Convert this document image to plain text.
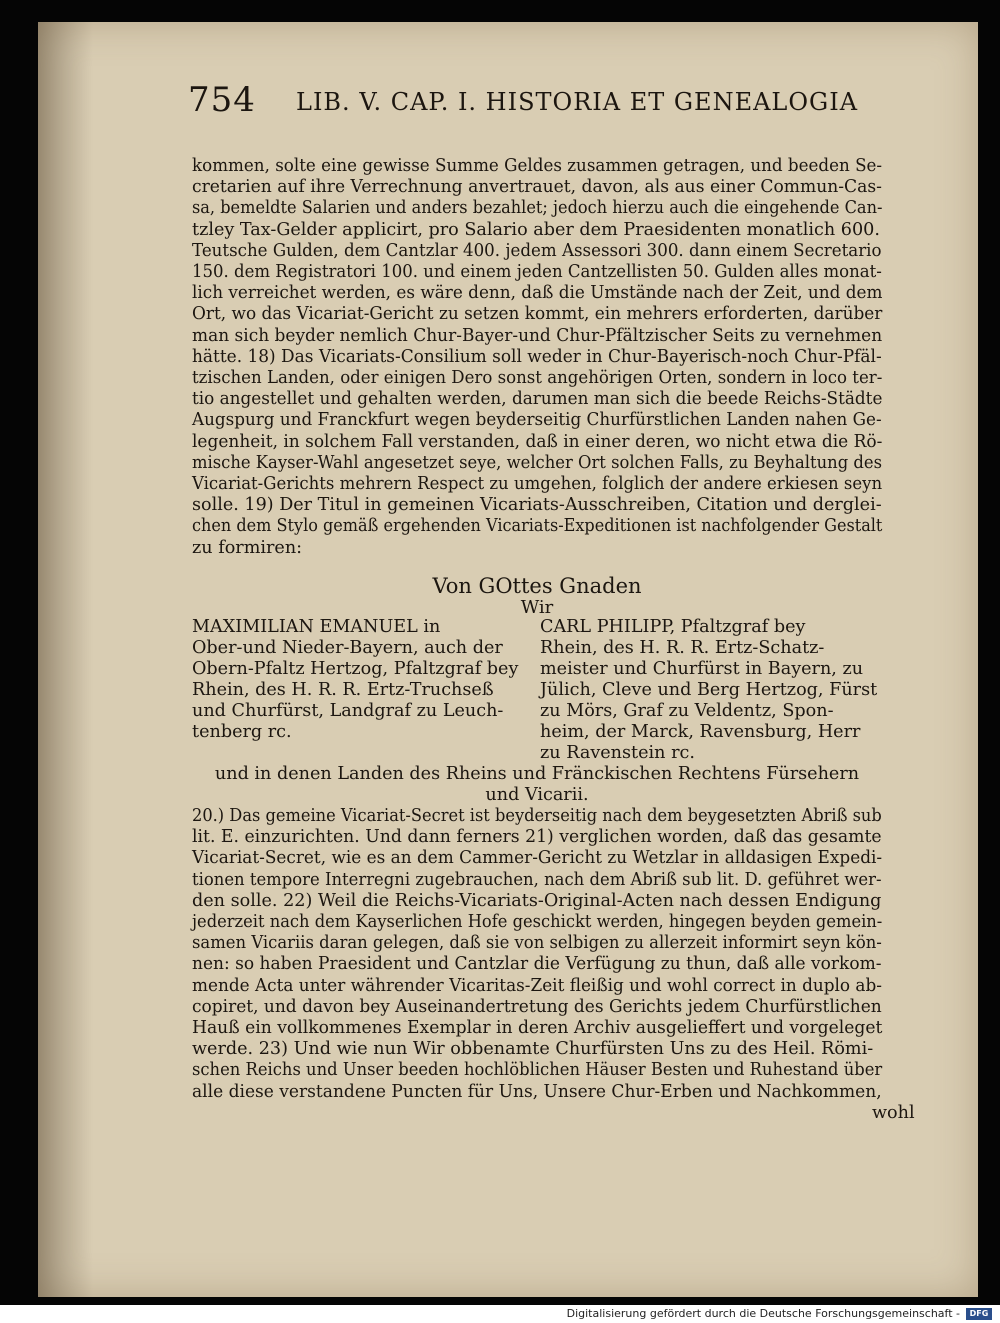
754 LIB. V. CAP. I. HISTORIA ET GENEALOGIA
kommen, solte eine gewisse Summe Geldes zusammen getragen, und beeden Se-
cretarien auf ihre Verrechnung anvertrauet, davon, als aus einer Commun-Cas-
sa, bemeldte Salarien und anders bezahlet; jedoch hierzu auch die eingehende Can-
tzley Tax-Gelder applicirt, pro Salario aber dem Praesidenten monatlich 600.
Teutsche Gulden, dem Cantzlar 400. jedem Assessori 300. dann einem Secretario
150. dem Registratori 100. und einem jeden Cantzellisten 50. Gulden alles monat-
lich verreichet werden, es wäre denn, daß die Umstände nach der Zeit, und dem
Ort, wo das Vicariat-Gericht zu setzen kommt, ein mehrers erforderten, darüber
man sich beyder nemlich Chur-Bayer-und Chur-Pfältzischer Seits zu vernehmen
hätte. 18) Das Vicariats-Consilium soll weder in Chur-Bayerisch-noch Chur-Pfäl-
tzischen Landen, oder einigen Dero sonst angehörigen Orten, sondern in loco ter-
tio angestellet und gehalten werden, darumen man sich die beede Reichs-Städte
Augspurg und Franckfurt wegen beyderseitig Churfürstlichen Landen nahen Ge-
legenheit, in solchem Fall verstanden, daß in einer deren, wo nicht etwa die Rö-
mische Kayser-Wahl angesetzet seye, welcher Ort solchen Falls, zu Beyhaltung des
Vicariat-Gerichts mehrern Respect zu umgehen, folglich der andere erkiesen seyn
solle. 19) Der Titul in gemeinen Vicariats-Ausschreiben, Citation und derglei-
chen dem Stylo gemäß ergehenden Vicariats-Expeditionen ist nachfolgender Gestalt
zu formiren:
Von GOttes Gnaden
Wir
MAXIMILIAN EMANUEL in
Ober-und Nieder-Bayern, auch der
Obern-Pfaltz Hertzog, Pfaltzgraf bey
Rhein, des H. R. R. Ertz-Truchseß
und Churfürst, Landgraf zu Leuch-
tenberg rc.
CARL PHILIPP, Pfaltzgraf bey
Rhein, des H. R. R. Ertz-Schatz-
meister und Churfürst in Bayern, zu
Jülich, Cleve und Berg Hertzog, Fürst
zu Mörs, Graf zu Veldentz, Spon-
heim, der Marck, Ravensburg, Herr
zu Ravenstein rc.
und in denen Landen des Rheins und Fränckischen Rechtens Fürsehern
und Vicarii.
20.) Das gemeine Vicariat-Secret ist beyderseitig nach dem beygesetzten Abriß sub
lit. E. einzurichten. Und dann ferners 21) verglichen worden, daß das gesamte
Vicariat-Secret, wie es an dem Cammer-Gericht zu Wetzlar in alldasigen Expedi-
tionen tempore Interregni zugebrauchen, nach dem Abriß sub lit. D. geführet wer-
den solle. 22) Weil die Reichs-Vicariats-Original-Acten nach dessen Endigung
jederzeit nach dem Kayserlichen Hofe geschickt werden, hingegen beyden gemein-
samen Vicariis daran gelegen, daß sie von selbigen zu allerzeit informirt seyn kön-
nen: so haben Praesident und Cantzlar die Verfügung zu thun, daß alle vorkom-
mende Acta unter währender Vicaritas-Zeit fleißig und wohl correct in duplo ab-
copiret, und davon bey Auseinandertretung des Gerichts jedem Churfürstlichen
Hauß ein vollkommenes Exemplar in deren Archiv ausgelieffert und vorgeleget
werde. 23) Und wie nun Wir obbenamte Churfürsten Uns zu des Heil. Römi-
schen Reichs und Unser beeden hochlöblichen Häuser Besten und Ruhestand über
alle diese verstandene Puncten für Uns, Unsere Chur-Erben und Nachkommen,
wohl
Digitalisierung gefördert durch die Deutsche Forschungsgemeinschaft -	DFG
